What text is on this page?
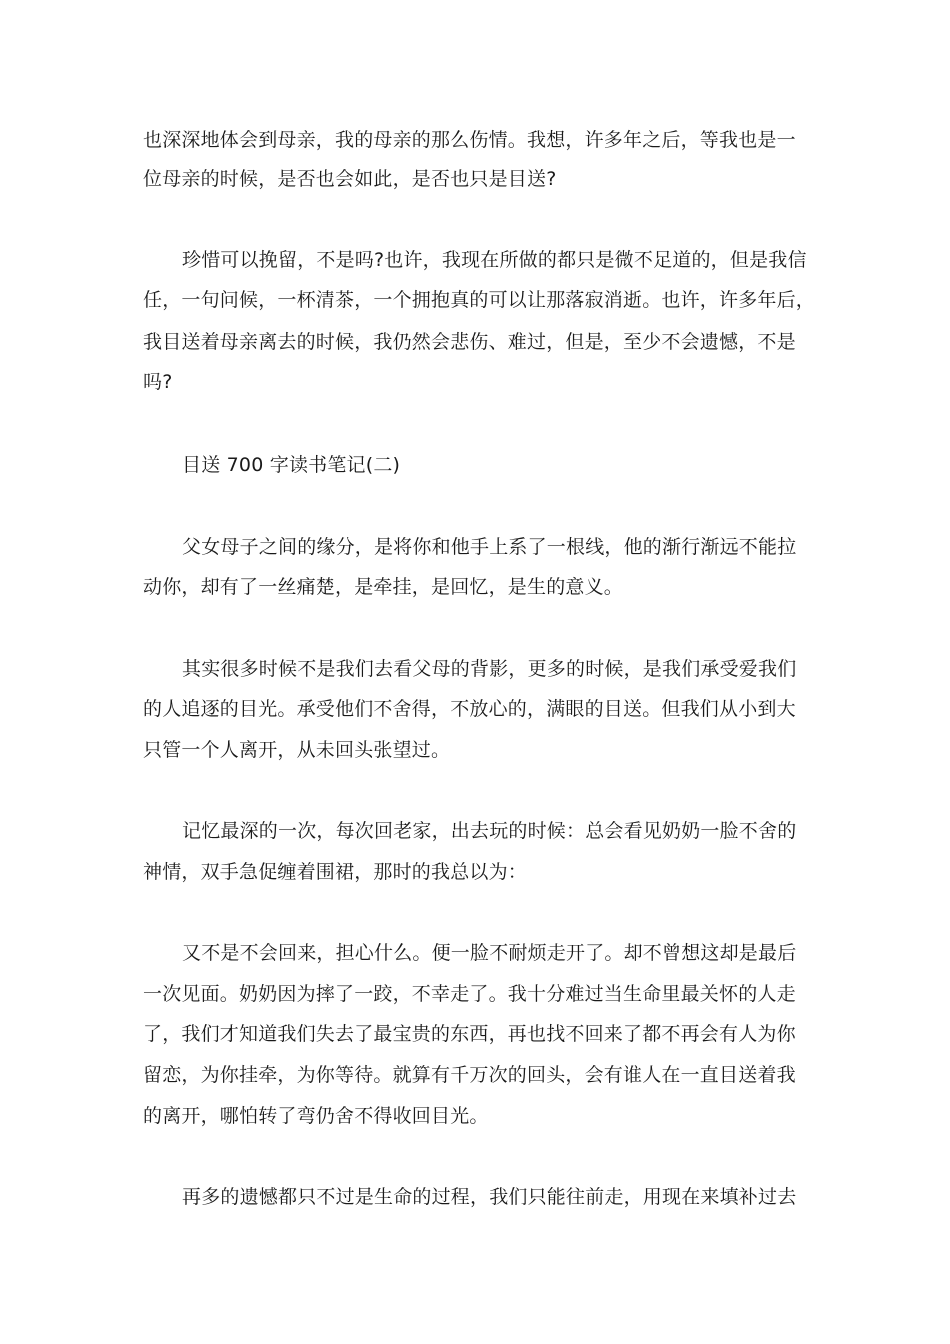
也深深地体会到母亲，我的母亲的那么伤情。我想，许多年之后，等我也是一
位母亲的时候，是否也会如此，是否也只是目送?
珍惜可以挽留，不是吗?也许，我现在所做的都只是微不足道的，但是我信
任，一句问候，一杯清茶，一个拥抱真的可以让那落寂消逝。也许，许多年后，
我目送着母亲离去的时候，我仍然会悲伤、难过，但是，至少不会遗憾，不是
吗?
目送 700 字读书笔记(二)
父女母子之间的缘分，是将你和他手上系了一根线，他的渐行渐远不能拉
动你，却有了一丝痛楚，是牵挂，是回忆，是生的意义。
其实很多时候不是我们去看父母的背影，更多的时候，是我们承受爱我们
的人追逐的目光。承受他们不舍得，不放心的，满眼的目送。但我们从小到大
只管一个人离开，从未回头张望过。
记忆最深的一次，每次回老家，出去玩的时候：总会看见奶奶一脸不舍的
神情，双手急促缠着围裙，那时的我总以为：
又不是不会回来，担心什么。便一脸不耐烦走开了。却不曾想这却是最后
一次见面。奶奶因为摔了一跤，不幸走了。我十分难过当生命里最关怀的人走
了，我们才知道我们失去了最宝贵的东西，再也找不回来了都不再会有人为你
留恋，为你挂牵，为你等待。就算有千万次的回头，会有谁人在一直目送着我
的离开，哪怕转了弯仍舍不得收回目光。
再多的遗憾都只不过是生命的过程，我们只能往前走，用现在来填补过去
